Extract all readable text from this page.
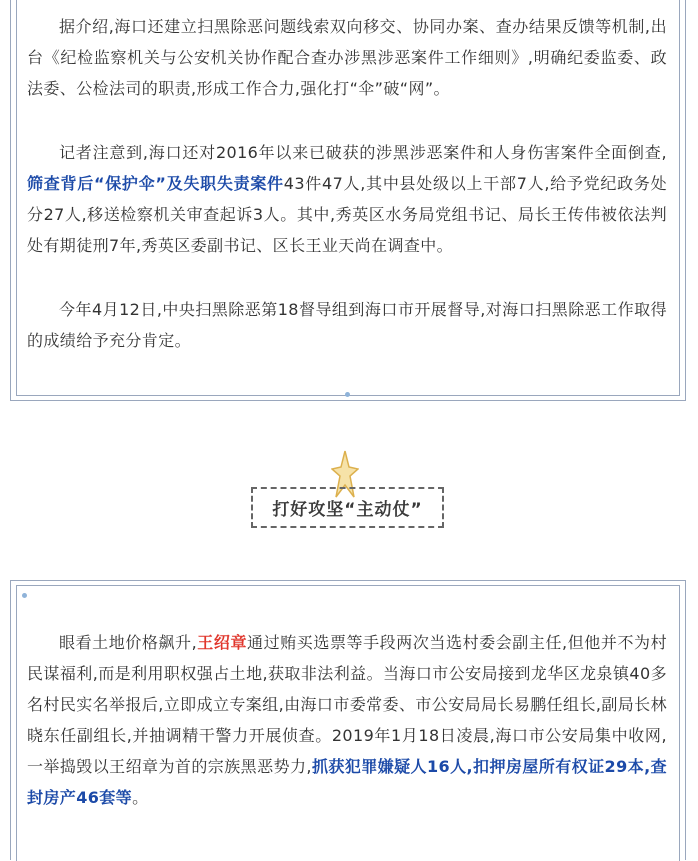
据介绍,海口还建立扫黑除恶问题线索双向移交、协同办案、查办结果反馈等机制,出台《纪检监察机关与公安机关协作配合查办涉黑涉恶案件工作细则》,明确纪委监委、政法委、公检法司的职责,形成工作合力,强化打“伞”破“网”。

记者注意到,海口还对2016年以来已破获的涉黑涉恶案件和人身伤害案件全面倒查,筛查背后“保护伞”及失职失责案件43件47人,其中县处级以上干部7人,给予党纪政务处分27人,移送检察机关审查起诉3人。其中,秀英区水务局党组书记、局长王传伟被依法判处有期徒刑7年,秀英区委副书记、区长王业天尚在调查中。

今年4月12日,中央扫黑除恶第18督导组到海口市开展督导,对海口扫黑除恶工作取得的成绩给予充分肯定。

打好攻坚“主动仗”

眼看土地价格飙升,王绍章通过贿买选票等手段两次当选村委会副主任,但他并不为村民谋福利,而是利用职权强占土地,获取非法利益。当海口市公安局接到龙华区龙泉镇40多名村民实名举报后,立即成立专案组,由海口市委常委、市公安局局长易鹏任组长,副局长林晓东任副组长,并抽调精干警力开展侦查。2019年1月18日凌晨,海口市公安局集中收网,一举捣毁以王绍章为首的宗族黑恶势力,抓获犯罪嫌疑人16人,扣押房屋所有权证29本,查封房产46套等。
